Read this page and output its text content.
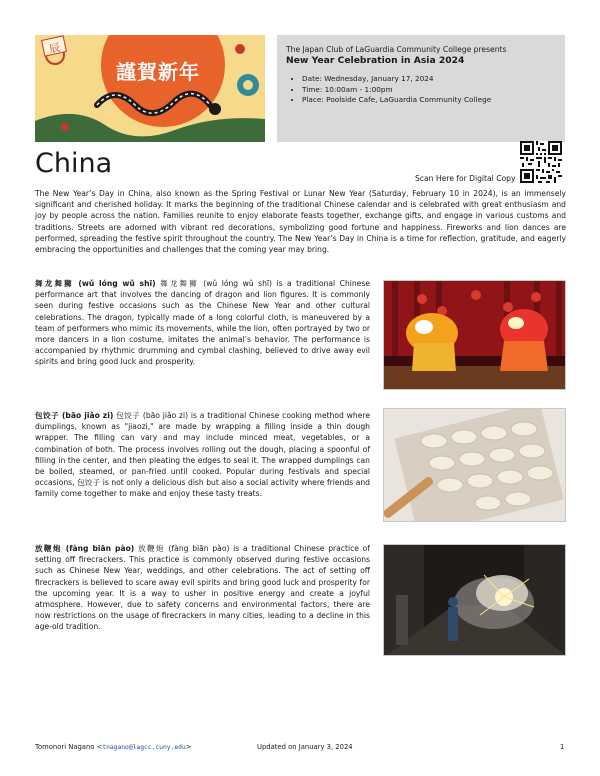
謹賀新年
辰	The Japan Club of LaGuardia Community College presents
New Year Celebration in Asia 2024
• Date: Wednesday, January 17, 2024
• Time: 10:00am - 1:00pm
• Place: Poolside Cafe, LaGuardia Community College
China	Scan Here for Digital Copy

The New Year’s Day in China, also known as the Spring Festival or Lunar New Year (Saturday, February 10 in 2024), is an immensely significant and cherished holiday. It marks the beginning of the traditional Chinese calendar and is celebrated with great enthusiasm and joy by people across the nation. Families reunite to enjoy elaborate feasts together, exchange gifts, and engage in various customs and traditions. Streets are adorned with vibrant red decorations, symbolizing good fortune and happiness. Fireworks and lion dances are performed, spreading the festive spirit throughout the country. The New Year’s Day in China is a time for reflection, gratitude, and eagerly embracing the opportunities and challenges that the coming year may bring.

舞龙舞狮 (wǔ lóng wǔ shī) 舞龙舞狮 (wǔ lóng wǔ shī) is a traditional Chinese performance art that involves the dancing of dragon and lion figures. It is commonly seen during festive occasions such as the Chinese New Year and other cultural celebrations. The dragon, typically made of a long colorful cloth, is maneuvered by a team of performers who mimic its movements, while the lion, often portrayed by two or more dancers in a lion costume, imitates the animal’s behavior. The performance is accompanied by rhythmic drumming and cymbal clashing, believed to drive away evil spirits and bring good luck and prosperity.

包饺子 (bāo jiǎo zi) 包饺子 (bāo jiǎo zi) is a traditional Chinese cooking method where dumplings, known as "jiaozi," are made by wrapping a filling inside a thin dough wrapper. The filling can vary and may include minced meat, vegetables, or a combination of both. The process involves rolling out the dough, placing a spoonful of filling in the center, and then pleating the edges to seal it. The wrapped dumplings can be boiled, steamed, or pan-fried until cooked. Popular during festivals and special occasions, 包饺子 is not only a delicious dish but also a social activity where friends and family come together to make and enjoy these tasty treats.

放鞭炮 (fàng biān pào) 放鞭炮 (fàng biān pào) is a traditional Chinese practice of setting off firecrackers. This practice is commonly observed during festive occasions such as Chinese New Year, weddings, and other celebrations. The act of setting off firecrackers is believed to scare away evil spirits and bring good luck and prosperity for the upcoming year. It is a way to usher in positive energy and create a joyful atmosphere. However, due to safety concerns and environmental factors, there are now restrictions on the usage of firecrackers in many cities, leading to a decline in this age-old tradition.

Tomonori Nagano <tnagano@lagcc.cuny.edu>	Updated on January 3, 2024	1
